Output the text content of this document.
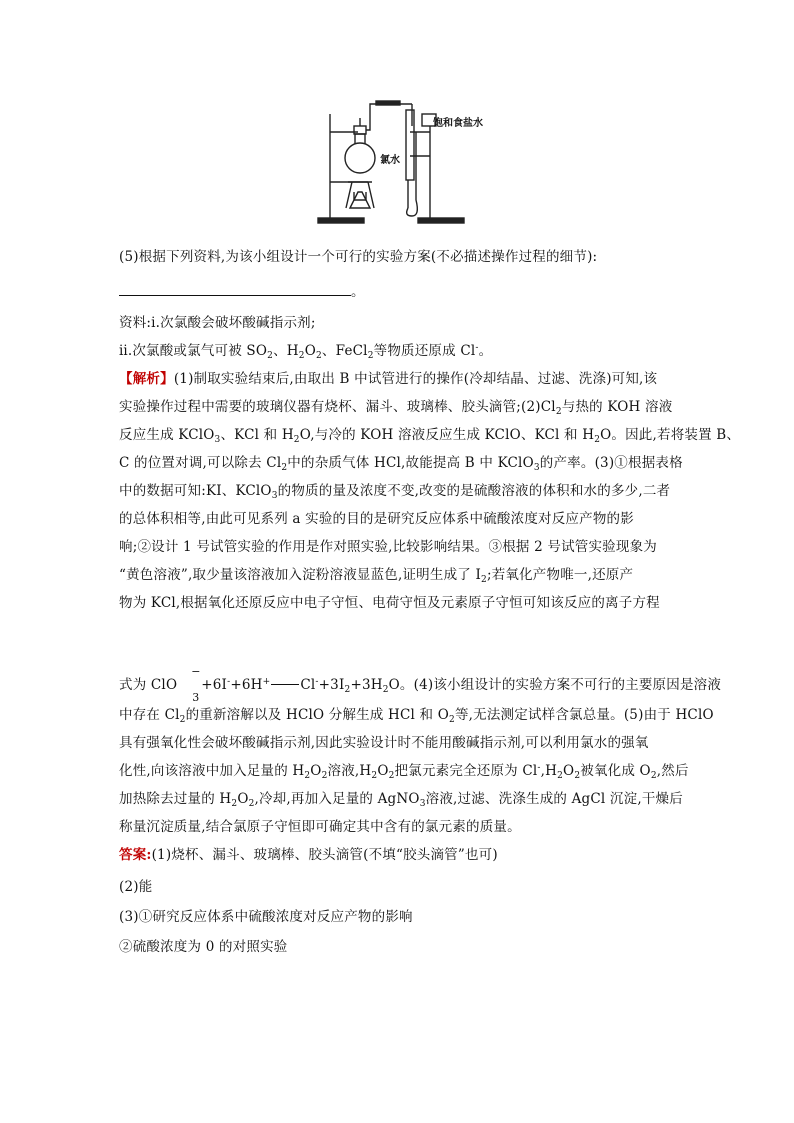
饱和食盐水
氯水
(5)根据下列资料,为该小组设计一个可行的实验方案(不必描述操作过程的细节):
。
资料:ⅰ.次氯酸会破坏酸碱指示剂;
ⅱ.次氯酸或氯气可被 $SO_2$、$H_2O_2$、FeCl$_2$等物质还原成 Cl-。
【解析】(1)制取实验结束后,由取出 B 中试管进行的操作(冷却结晶、过滤、洗涤)可知,该
实验操作过程中需要的玻璃仪器有烧杯、漏斗、玻璃棒、胶头滴管$;(2)Cl_2$与热的 KOH 溶液
反应生成 KClO$_3$、KCl 和 $H_2O$,与冷的 KOH 溶液反应生成 KClO、KCl 和 $H_2O$。因此,若将装置 B、
C 的位置对调,可以除去 $Cl_2$中的杂质气体 HCl,故能提高 B 中 KClO$_3$的产率。(3)①根据表格
中的数据可知:KI、KClO$_3$的物质的量及浓度不变,改变的是硫酸溶液的体积和水的多少,二者
的总体积相等,由此可见系列 a 实验的目的是研究反应体系中硫酸浓度对反应产物的影
响;②设计 1 号试管实验的作用是作对照实验,比较影响结果。③根据 2 号试管实验现象为
“黄色溶液”,取少量该溶液加入淀粉溶液显蓝色,证明生成了 $I_2$;若氧化产物唯一,还原产
物为 KCl,根据氧化还原反应中电子守恒、电荷守恒及元素原子守恒可知该反应的离子方程
式为 ClO
−
3
+6I-+6H+ $Cl^-+3I_2+3H_2O$。(4)该小组设计的实验方案不可行的主要原因是溶液
中存在 $Cl_2$的重新溶解以及 HClO 分解生成 HCl 和 $O_2$等,无法测定试样含氯总量。(5)由于 HClO
具有强氧化性会破坏酸碱指示剂,因此实验设计时不能用酸碱指示剂,可以利用氯水的强氧
化性,向该溶液中加入足量的 $H_2O_2$溶液$,H_2O_2$把氯元素完全还原为 $Cl^-,H_2O_2$被氧化成 $O_2$,然后
加热除去过量的 $H_2O_2$,冷却,再加入足量的 AgNO$_3$溶液,过滤、洗涤生成的 AgCl 沉淀,干燥后
称量沉淀质量,结合氯原子守恒即可确定其中含有的氯元素的质量。
答案:(1)烧杯、漏斗、玻璃棒、胶头滴管(不填“胶头滴管”也可)
(2)能
(3)①研究反应体系中硫酸浓度对反应产物的影响
②硫酸浓度为 0 的对照实验
